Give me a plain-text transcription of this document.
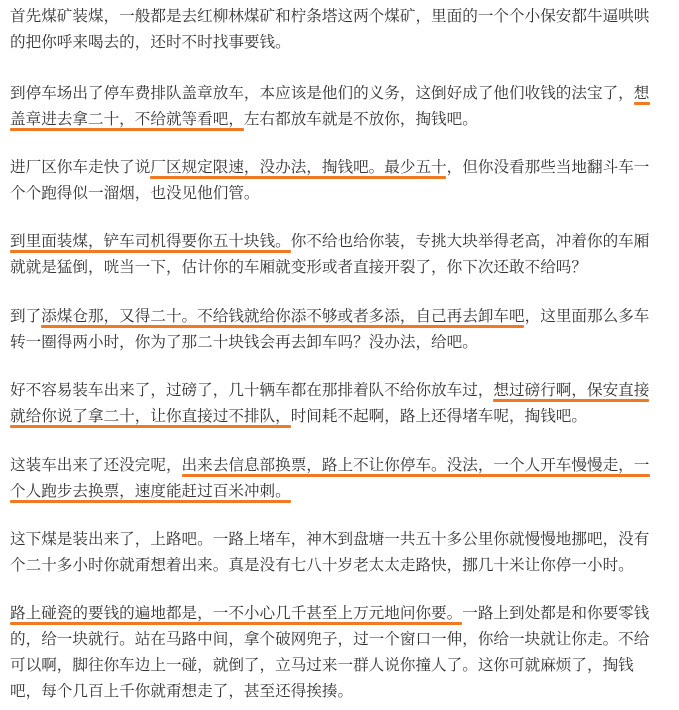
首先煤矿装煤，一般都是去红柳林煤矿和柠条塔这两个煤矿，里面的一个个小保安都牛逼哄哄
的把你呼来喝去的，还时不时找事要钱。
到停车场出了停车费排队盖章放车，本应该是他们的义务，这倒好成了他们收钱的法宝了，想
盖章进去拿二十，不给就等看吧，左右都放车就是不放你，掏钱吧。
进厂区你车走快了说厂区规定限速，没办法，掏钱吧。最少五十，但你没看那些当地翻斗车一
个个跑得似一溜烟，也没见他们管。
到里面装煤，铲车司机得要你五十块钱。你不给也给你装，专挑大块举得老高，冲着你的车厢
就就是猛倒，咣当一下，估计你的车厢就变形或者直接开裂了，你下次还敢不给吗？
到了添煤仓那，又得二十。不给钱就给你添不够或者多添，自己再去卸车吧，这里面那么多车
转一圈得两小时，你为了那二十块钱会再去卸车吗？没办法，给吧。
好不容易装车出来了，过磅了，几十辆车都在那排着队不给你放车过，想过磅行啊，保安直接
就给你说了拿二十，让你直接过不排队，时间耗不起啊，路上还得堵车呢，掏钱吧。
这装车出来了还没完呢，出来去信息部换票，路上不让你停车。没法，一个人开车慢慢走，一
个人跑步去换票，速度能赶过百米冲刺。
这下煤是装出来了，上路吧。一路上堵车，神木到盘塘一共五十多公里你就慢慢地挪吧，没有
个二十多小时你就甭想着出来。真是没有七八十岁老太太走路快，挪几十米让你停一小时。
路上碰瓷的要钱的遍地都是，一不小心几千甚至上万元地问你要。一路上到处都是和你要零钱
的，给一块就行。站在马路中间，拿个破网兜子，过一个窗口一伸，你给一块就让你走。不给
可以啊，脚往你车边上一碰，就倒了，立马过来一群人说你撞人了。这你可就麻烦了，掏钱
吧，每个几百上千你就甭想走了，甚至还得挨揍。
